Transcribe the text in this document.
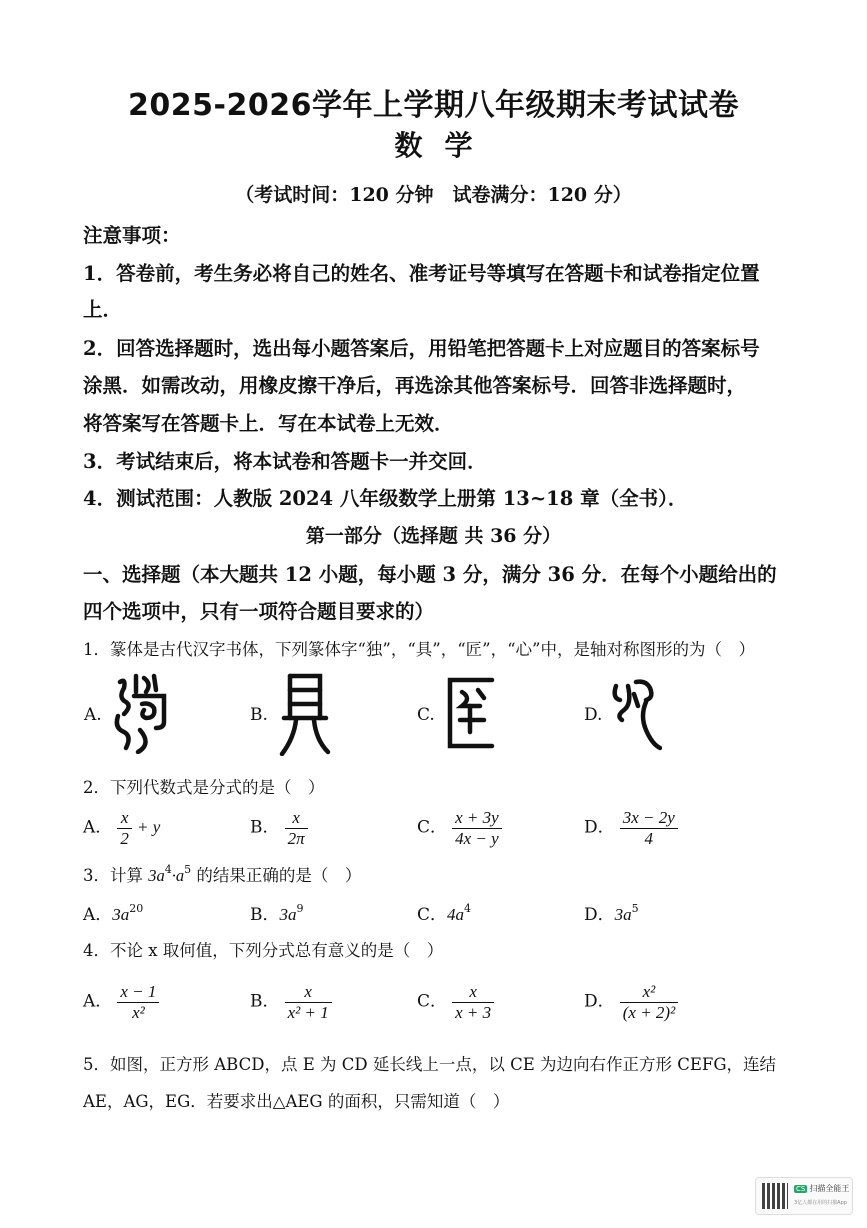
2025-2026学年上学期八年级期末考试试卷
数学
（考试时间：120 分钟　试卷满分：120 分）
注意事项：
1．答卷前，考生务必将自己的姓名、准考证号等填写在答题卡和试卷指定位置
上．
2．回答选择题时，选出每小题答案后，用铅笔把答题卡上对应题目的答案标号
涂黑．如需改动，用橡皮擦干净后，再选涂其他答案标号．回答非选择题时，
将答案写在答题卡上．写在本试卷上无效．
3．考试结束后，将本试卷和答题卡一并交回．
4．测试范围：人教版 2024 八年级数学上册第 13~18 章（全书）．
第一部分（选择题 共 36 分）
一、选择题（本大题共 12 小题，每小题 3 分，满分 36 分．在每个小题给出的
四个选项中，只有一项符合题目要求的）
1．篆体是古代汉字书体，下列篆体字“独”，“具”，“匠”，“心”中，是轴对称图形的为（　）
A.	B.	C.	D.
2．下列代数式是分式的是（　）
A． $\frac{x}{2} + y$	B． $\frac{x}{2\pi}$	C． $\frac{x + 3y}{4x - y}$	D． $\frac{3x - 2y}{4}$
3．计算 $3a^4\cdot a^5$ 的结果正确的是（　）
A．$3a^{20}$	B．$3a^9$	C．$4a^4$	D．$3a^5$
4．不论 x 取何值，下列分式总有意义的是（　）
A． $\frac{x - 1}{\text{x²}}$	B． $\frac{x}{\text{x² + 1}}$	C． $\frac{x}{x + 3}$	D． $\frac{\text{x²}}{\text{(x + 2)²}}$
5．如图，正方形 ABCD，点 E 为 CD 延长线上一点，以 CE 为边向右作正方形 CEFG，连结
AE，AG，EG．若要求出△AEG 的面积，只需知道（　）
CS 扫描全能王
3亿人都在用的扫描App
